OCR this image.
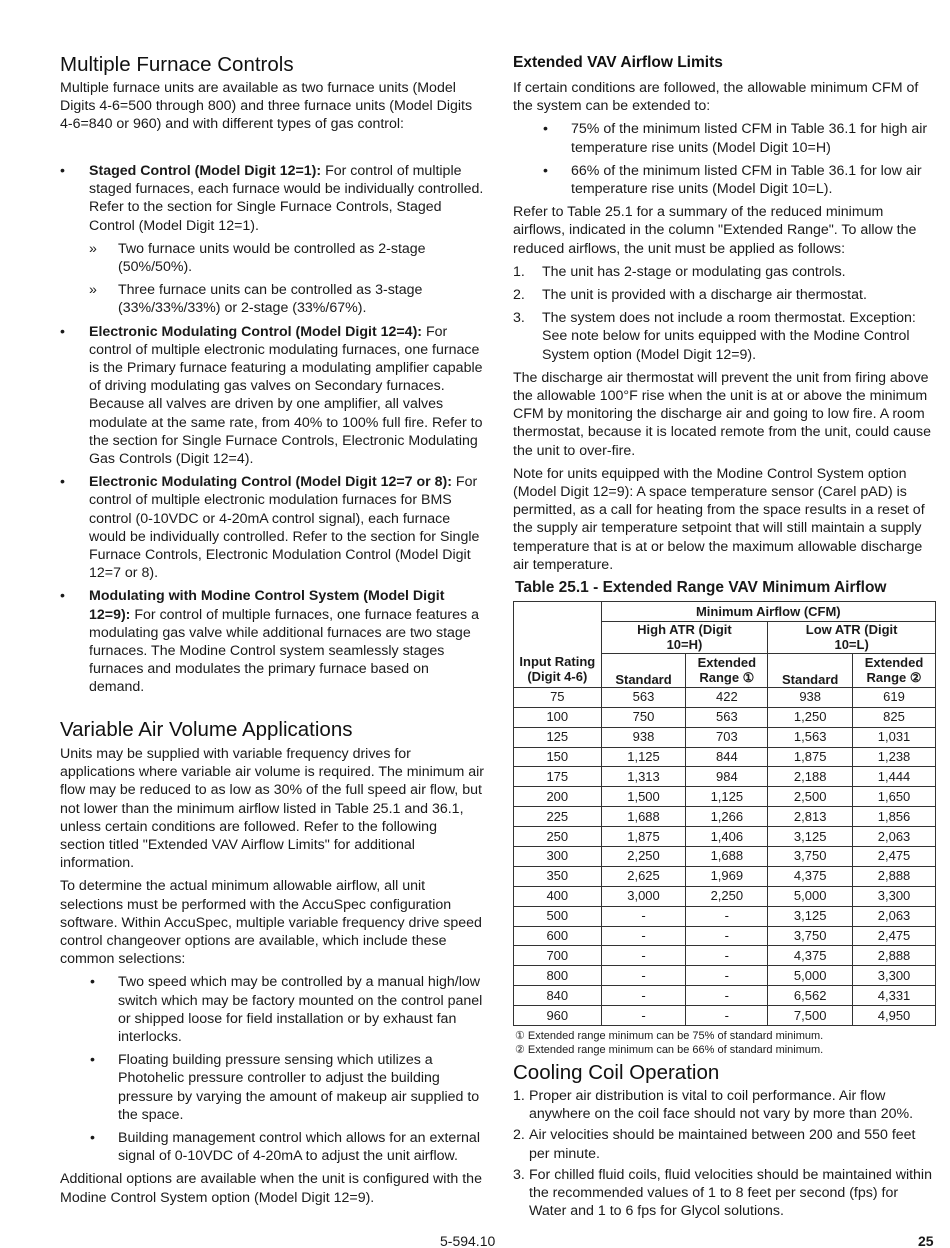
Multiple Furnace Controls

Multiple furnace units are available as two furnace units (Model Digits 4-6=500 through 800) and three furnace units (Model Digits 4-6=840 or 960) and with different types of gas control:

• Staged Control (Model Digit 12=1): For control of multiple staged furnaces, each furnace would be individually controlled. Refer to the section for Single Furnace Controls, Staged Control (Model Digit 12=1).
» Two furnace units would be controlled as 2-stage (50%/50%).
» Three furnace units can be controlled as 3-stage (33%/33%/33%) or 2-stage (33%/67%).
• Electronic Modulating Control (Model Digit 12=4): For control of multiple electronic modulating furnaces, one furnace is the Primary furnace featuring a modulating amplifier capable of driving modulating gas valves on Secondary furnaces. Because all valves are driven by one amplifier, all valves modulate at the same rate, from 40% to 100% full fire. Refer to the section for Single Furnace Controls, Electronic Modulating Gas Controls (Digit 12=4).
• Electronic Modulating Control (Model Digit 12=7 or 8): For control of multiple electronic modulation furnaces for BMS control (0-10VDC or 4-20mA control signal), each furnace would be individually controlled. Refer to the section for Single Furnace Controls, Electronic Modulation Control (Model Digit 12=7 or 8).
• Modulating with Modine Control System (Model Digit 12=9): For control of multiple furnaces, one furnace features a modulating gas valve while additional furnaces are two stage furnaces. The Modine Control system seamlessly stages furnaces and modulates the primary furnace based on demand.
Variable Air Volume Applications

Units may be supplied with variable frequency drives for applications where variable air volume is required. The minimum air flow may be reduced to as low as 30% of the full speed air flow, but not lower than the minimum airflow listed in Table 25.1 and 36.1, unless certain conditions are followed. Refer to the following section titled "Extended VAV Airflow Limits" for additional information.

To determine the actual minimum allowable airflow, all unit selections must be performed with the AccuSpec configuration software. Within AccuSpec, multiple variable frequency drive speed control changeover options are available, which include these common selections:

• Two speed which may be controlled by a manual high/low switch which may be factory mounted on the control panel or shipped loose for field installation or by exhaust fan interlocks.
• Floating building pressure sensing which utilizes a Photohelic pressure controller to adjust the building pressure by varying the amount of makeup air supplied to the space.
• Building management control which allows for an external signal of 0-10VDC of 4-20mA to adjust the unit airflow.

Additional options are available when the unit is configured with the Modine Control System option (Model Digit 12=9).

Extended VAV Airflow Limits

If certain conditions are followed, the allowable minimum CFM of the system can be extended to:

• 75% of the minimum listed CFM in Table 36.1 for high air temperature rise units (Model Digit 10=H)
• 66% of the minimum listed CFM in Table 36.1 for low air temperature rise units (Model Digit 10=L).

Refer to Table 25.1 for a summary of the reduced minimum airflows, indicated in the column "Extended Range". To allow the reduced airflows, the unit must be applied as follows:

1. The unit has 2-stage or modulating gas controls.
2. The unit is provided with a discharge air thermostat.
3. The system does not include a room thermostat. Exception: See note below for units equipped with the Modine Control System option (Model Digit 12=9).

The discharge air thermostat will prevent the unit from firing above the allowable 100°F rise when the unit is at or above the minimum CFM by monitoring the discharge air and going to low fire. A room thermostat, because it is located remote from the unit, could cause the unit to over-fire.

Note for units equipped with the Modine Control System option (Model Digit 12=9): A space temperature sensor (Carel pAD) is permitted, as a call for heating from the space results in a reset of the supply air temperature setpoint that will still maintain a supply temperature that is at or below the maximum allowable discharge air temperature.

Table 25.1 - Extended Range VAV Minimum Airflow
Input Rating (Digit 4-6)	Minimum Airflow (CFM)			

	High ATR (Digit 10=H)		Low ATR (Digit 10=L)	

	Standard	Extended Range ①	Standard	Extended Range ②

75	563	422	938	619
100	750	563	1,250	825
125	938	703	1,563	1,031
150	1,125	844	1,875	1,238
175	1,313	984	2,188	1,444
200	1,500	1,125	2,500	1,650
225	1,688	1,266	2,813	1,856
250	1,875	1,406	3,125	2,063
300	2,250	1,688	3,750	2,475
350	2,625	1,969	4,375	2,888
400	3,000	2,250	5,000	3,300
500	-	-	3,125	2,063
600	-	-	3,750	2,475
700	-	-	4,375	2,888
800	-	-	5,000	3,300
840	-	-	6,562	4,331
960	-	-	7,500	4,950
① Extended range minimum can be 75% of standard minimum.
② Extended range minimum can be 66% of standard minimum.
Cooling Coil Operation
1. Proper air distribution is vital to coil performance. Air flow anywhere on the coil face should not vary by more than 20%.
2. Air velocities should be maintained between 200 and 550 feet per minute.
3. For chilled fluid coils, fluid velocities should be maintained within the recommended values of 1 to 8 feet per second (fps) for Water and 1 to 6 fps for Glycol solutions.
5-594.10	25
